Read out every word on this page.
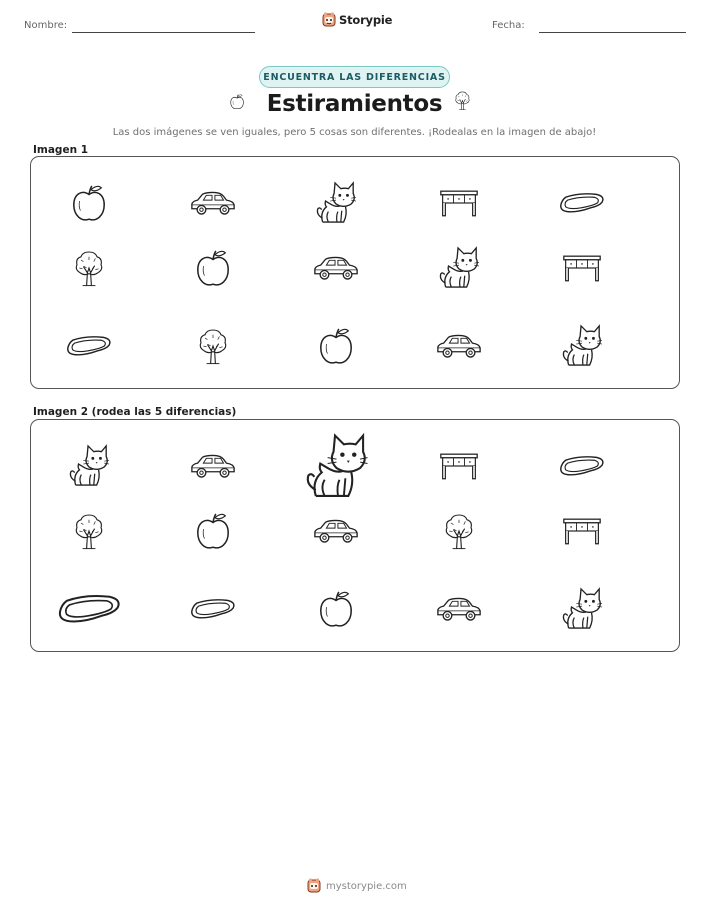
Nombre:	Storypie	Fecha:
ENCUENTRA LAS DIFERENCIAS
Estiramientos
Las dos imágenes se ven iguales, pero 5 cosas son diferentes. ¡Rodealas en la imagen de abajo!
Imagen 1
Imagen 2 (rodea las 5 diferencias)
mystorypie.com
